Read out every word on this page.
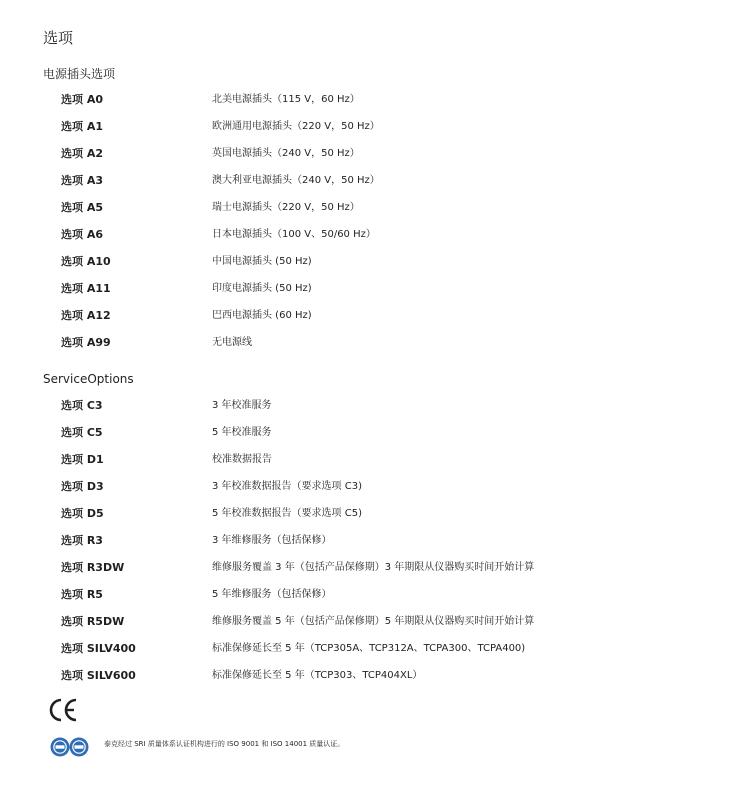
选项
电源插头选项
选项 A0	北美电源插头（115 V，60 Hz）
选项 A1	欧洲通用电源插头（220 V，50 Hz）
选项 A2	英国电源插头（240 V，50 Hz）
选项 A3	澳大利亚电源插头（240 V，50 Hz）
选项 A5	瑞士电源插头（220 V，50 Hz）
选项 A6	日本电源插头（100 V、50/60 Hz）
选项 A10	中国电源插头 (50 Hz)
选项 A11	印度电源插头 (50 Hz)
选项 A12	巴西电源插头 (60 Hz)
选项 A99	无电源线
ServiceOptions
选项 C3	3 年校准服务
选项 C5	5 年校准服务
选项 D1	校准数据报告
选项 D3	3 年校准数据报告（要求选项 C3)
选项 D5	5 年校准数据报告（要求选项 C5)
选项 R3	3 年维修服务（包括保修）
选项 R3DW	维修服务覆盖 3 年（包括产品保修期）3 年期限从仪器购买时间开始计算
选项 R5	5 年维修服务（包括保修）
选项 R5DW	维修服务覆盖 5 年（包括产品保修期）5 年期限从仪器购买时间开始计算
选项 SILV400	标准保修延长至 5 年（TCP305A、TCP312A、TCPA300、TCPA400)
选项 SILV600	标准保修延长至 5 年（TCP303、TCP404XL）
泰克经过 SRI 质量体系认证机构进行的 ISO 9001 和 ISO 14001 质量认证。
